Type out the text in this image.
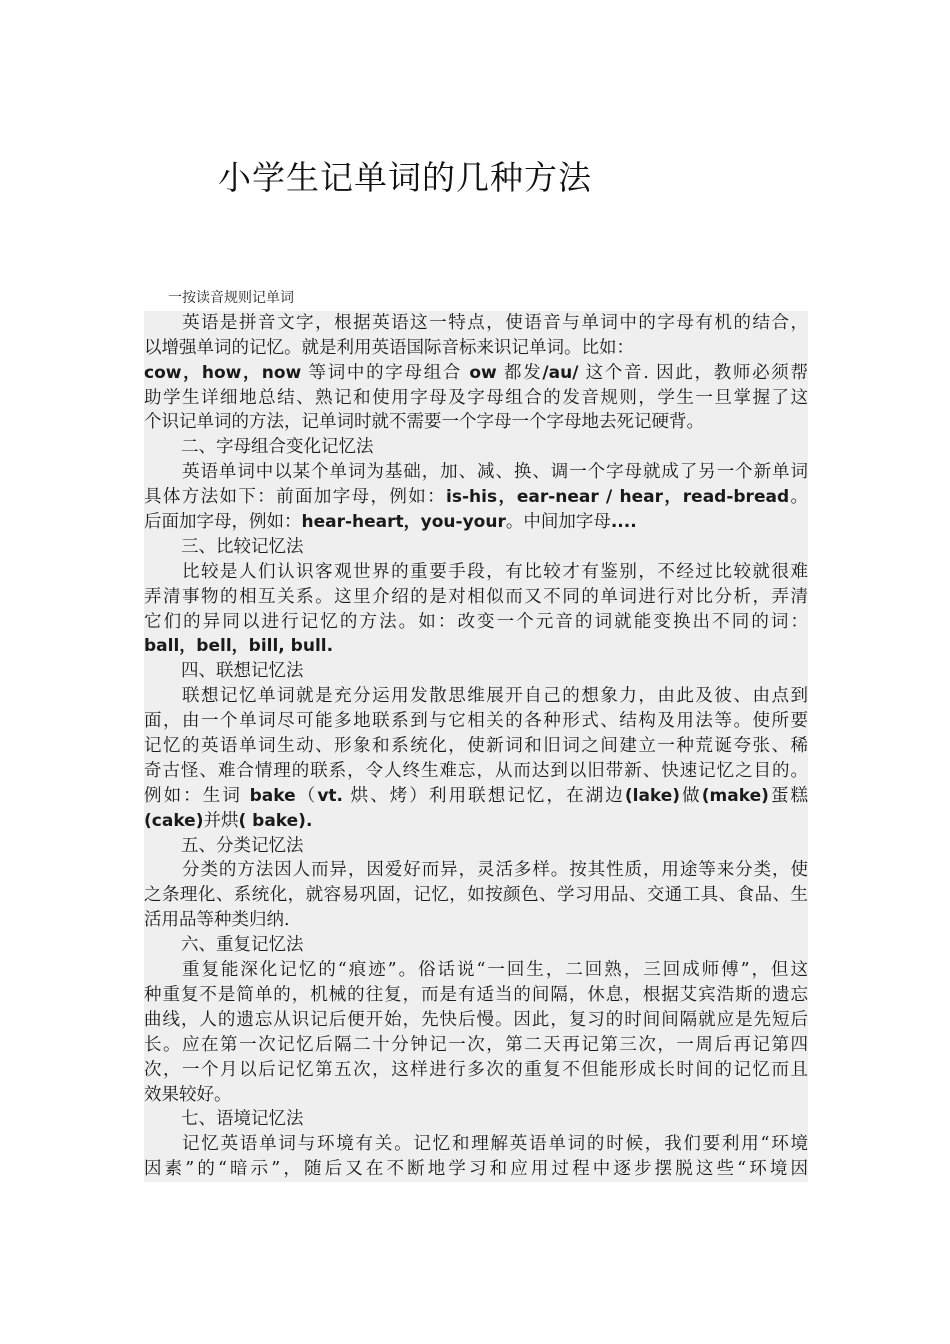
小学生记单词的几种方法
一按读音规则记单词
英语是拼音文字，根据英语这一特点，使语音与单词中的字母有机的结合，
以增强单词的记忆。就是利用英语国际音标来识记单词。比如：
cow，how，now 等词中的字母组合 ow 都发/au/ 这个音. 因此，教师必须帮
助学生详细地总结、熟记和使用字母及字母组合的发音规则，学生一旦掌握了这
个识记单词的方法，记单词时就不需要一个字母一个字母地去死记硬背。
二、字母组合变化记忆法
英语单词中以某个单词为基础，加、减、换、调一个字母就成了另一个新单词
具体方法如下：前面加字母，例如：is-his，ear-near / hear，read-bread。
后面加字母，例如：hear-heart，you-your。中间加字母....
三、比较记忆法
比较是人们认识客观世界的重要手段，有比较才有鉴别，不经过比较就很难
弄清事物的相互关系。这里介绍的是对相似而又不同的单词进行对比分析，弄清
它们的异同以进行记忆的方法。如：改变一个元音的词就能变换出不同的词：
ball，bell，bill, bull.
四、联想记忆法
联想记忆单词就是充分运用发散思维展开自己的想象力，由此及彼、由点到
面，由一个单词尽可能多地联系到与它相关的各种形式、结构及用法等。使所要
记忆的英语单词生动、形象和系统化，使新词和旧词之间建立一种荒诞夸张、稀
奇古怪、难合情理的联系，令人终生难忘，从而达到以旧带新、快速记忆之目的。
例如：生词 bake（vt. 烘、烤）利用联想记忆，在湖边(lake)做(make)蛋糕
(cake)并烘( bake).
五、分类记忆法
分类的方法因人而异，因爱好而异，灵活多样。按其性质，用途等来分类，使
之条理化、系统化，就容易巩固，记忆，如按颜色、学习用品、交通工具、食品、生
活用品等种类归纳.
六、重复记忆法
重复能深化记忆的“痕迹”。俗话说“一回生，二回熟，三回成师傅”，但这
种重复不是简单的，机械的往复，而是有适当的间隔，休息，根据艾宾浩斯的遗忘
曲线，人的遗忘从识记后便开始，先快后慢。因此，复习的时间间隔就应是先短后
长。应在第一次记忆后隔二十分钟记一次，第二天再记第三次，一周后再记第四
次，一个月以后记忆第五次，这样进行多次的重复不但能形成长时间的记忆而且
效果较好。
七、语境记忆法
记忆英语单词与环境有关。记忆和理解英语单词的时候，我们要利用“环境
因素”的“暗示”，随后又在不断地学习和应用过程中逐步摆脱这些“环境因
